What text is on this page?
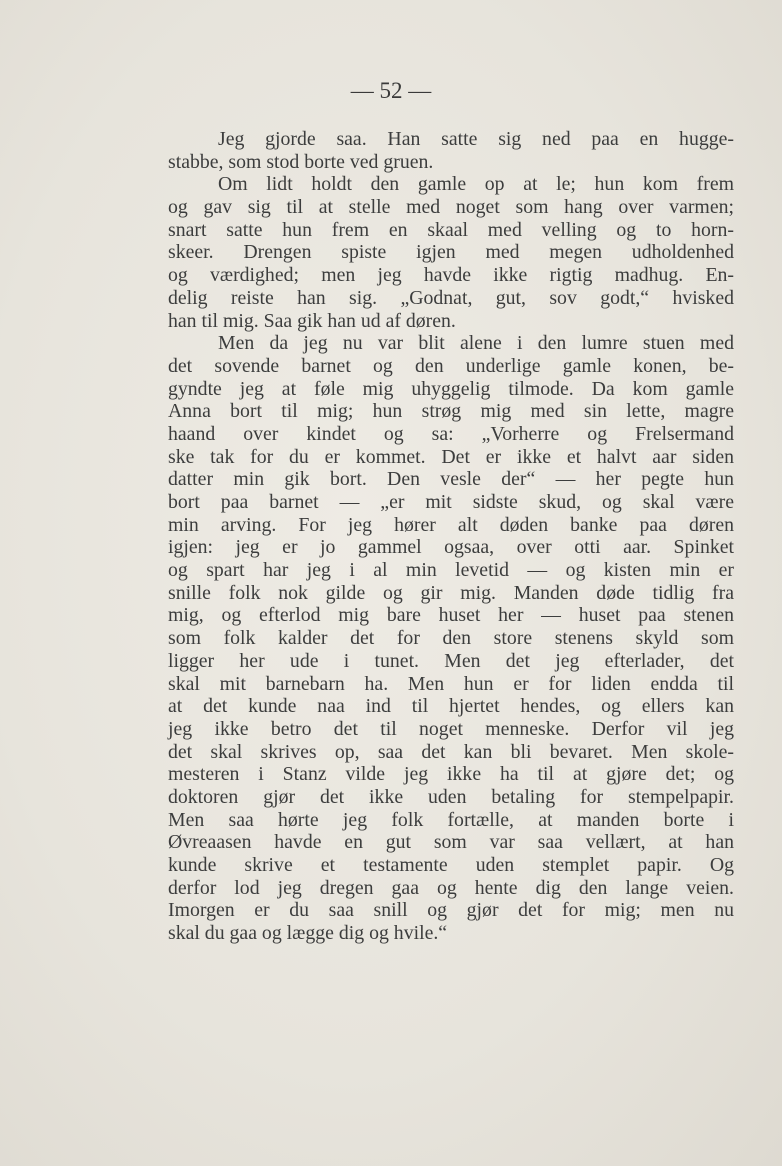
— 52 —
Jeg gjorde saa. Han satte sig ned paa en hugge-
stabbe, som stod borte ved gruen.
Om lidt holdt den gamle op at le; hun kom frem
og gav sig til at stelle med noget som hang over varmen;
snart satte hun frem en skaal med velling og to horn-
skeer. Drengen spiste igjen med megen udholdenhed
og værdighed; men jeg havde ikke rigtig madhug. En-
delig reiste han sig. „Godnat, gut, sov godt,“ hvisked
han til mig. Saa gik han ud af døren.
Men da jeg nu var blit alene i den lumre stuen med
det sovende barnet og den underlige gamle konen, be-
gyndte jeg at føle mig uhyggelig tilmode. Da kom gamle
Anna bort til mig; hun strøg mig med sin lette, magre
haand over kindet og sa: „Vorherre og Frelsermand
ske tak for du er kommet. Det er ikke et halvt aar siden
datter min gik bort. Den vesle der“ — her pegte hun
bort paa barnet — „er mit sidste skud, og skal være
min arving. For jeg hører alt døden banke paa døren
igjen: jeg er jo gammel ogsaa, over otti aar. Spinket
og spart har jeg i al min levetid — og kisten min er
snille folk nok gilde og gir mig. Manden døde tidlig fra
mig, og efterlod mig bare huset her — huset paa stenen
som folk kalder det for den store stenens skyld som
ligger her ude i tunet. Men det jeg efterlader, det
skal mit barnebarn ha. Men hun er for liden endda til
at det kunde naa ind til hjertet hendes, og ellers kan
jeg ikke betro det til noget menneske. Derfor vil jeg
det skal skrives op, saa det kan bli bevaret. Men skole-
mesteren i Stanz vilde jeg ikke ha til at gjøre det; og
doktoren gjør det ikke uden betaling for stempelpapir.
Men saa hørte jeg folk fortælle, at manden borte i
Øvreaasen havde en gut som var saa vellært, at han
kunde skrive et testamente uden stemplet papir. Og
derfor lod jeg dregen gaa og hente dig den lange veien.
Imorgen er du saa snill og gjør det for mig; men nu
skal du gaa og lægge dig og hvile.“
